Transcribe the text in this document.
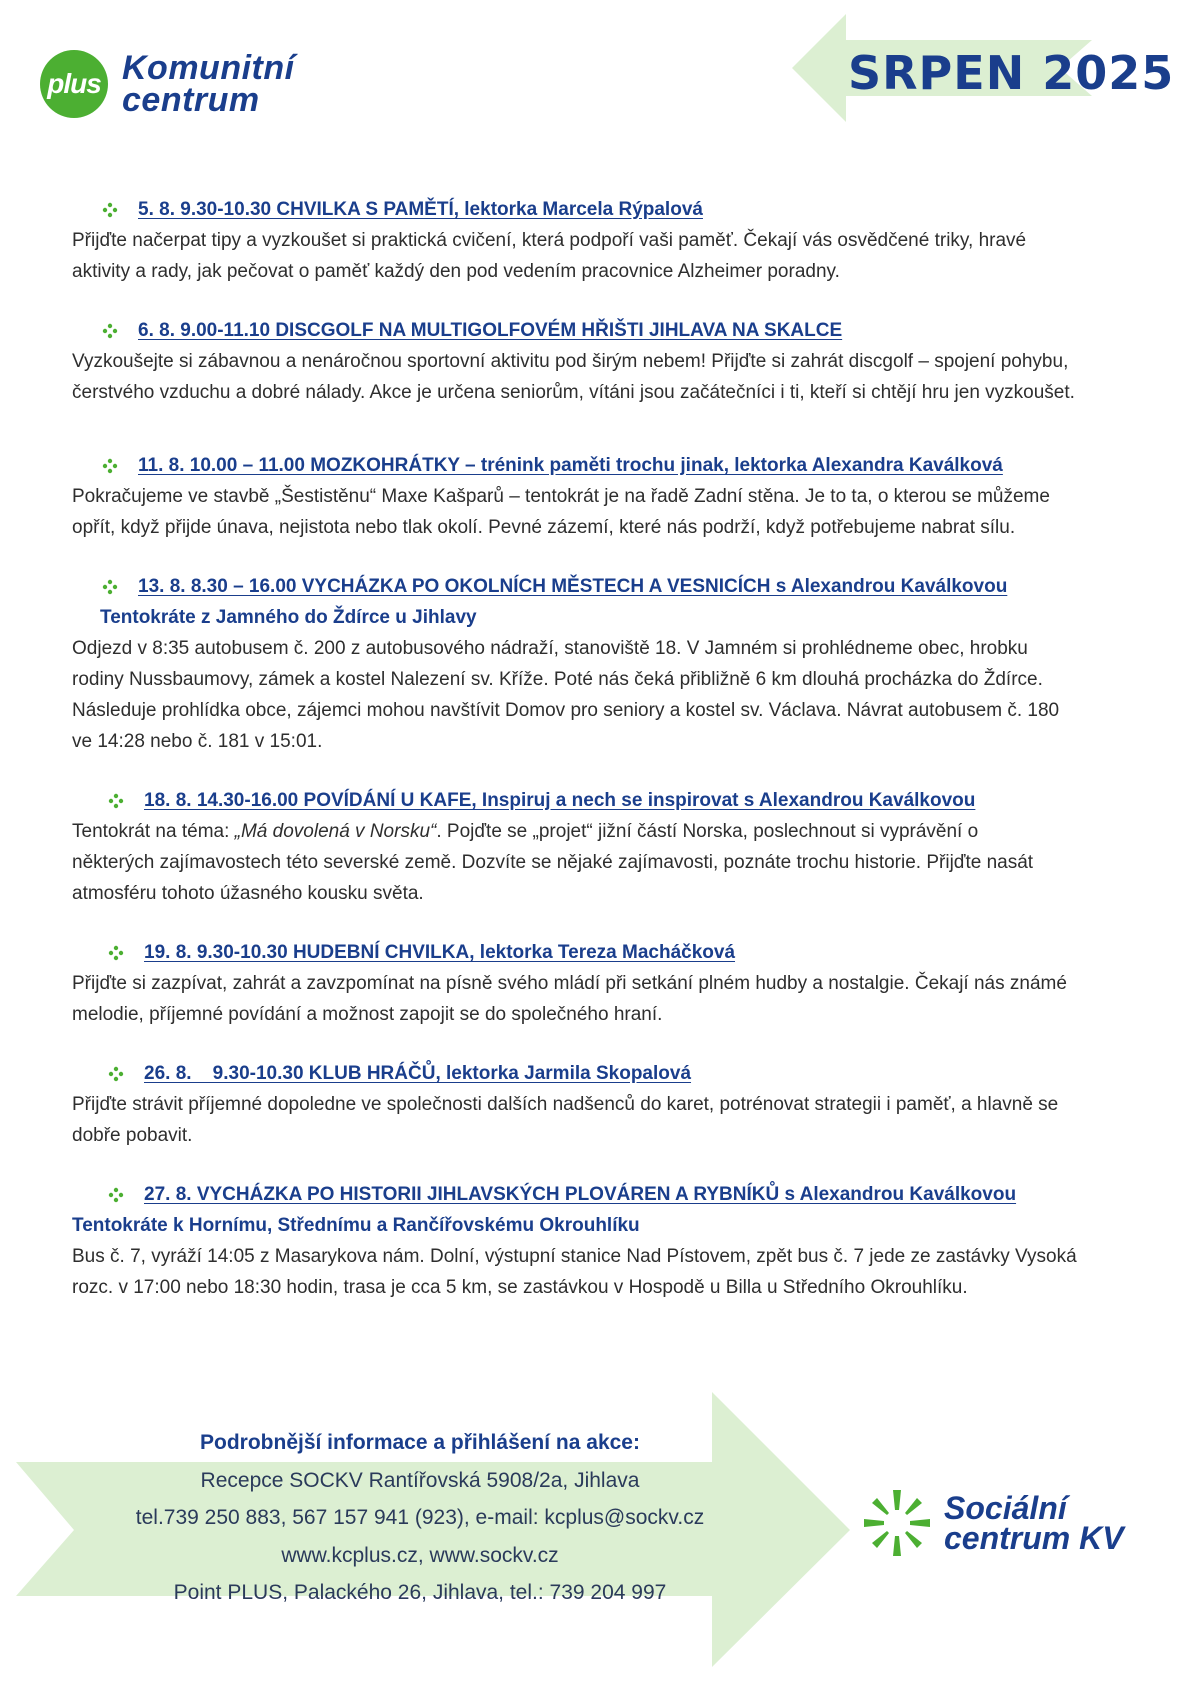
plus Komunitní
centrum	SRPEN 2025
5. 8. 9.30-10.30 CHVILKA S PAMĚTÍ, lektorka Marcela Rýpalová
Přijďte načerpat tipy a vyzkoušet si praktická cvičení, která podpoří vaši paměť. Čekají vás osvědčené triky, hravé
aktivity a rady, jak pečovat o paměť každý den pod vedením pracovnice Alzheimer poradny.
6. 8. 9.00-11.10 DISCGOLF NA MULTIGOLFOVÉM HŘIŠTI JIHLAVA NA SKALCE
Vyzkoušejte si zábavnou a nenáročnou sportovní aktivitu pod širým nebem! Přijďte si zahrát discgolf – spojení pohybu,
čerstvého vzduchu a dobré nálady. Akce je určena seniorům, vítáni jsou začátečníci i ti, kteří si chtějí hru jen vyzkoušet.
11. 8. 10.00 – 11.00 MOZKOHRÁTKY – trénink paměti trochu jinak, lektorka Alexandra Kaválková
Pokračujeme ve stavbě „Šestistěnu“ Maxe Kašparů – tentokrát je na řadě Zadní stěna. Je to ta, o kterou se můžeme
opřít, když přijde únava, nejistota nebo tlak okolí. Pevné zázemí, které nás podrží, když potřebujeme nabrat sílu.
13. 8. 8.30 – 16.00 VYCHÁZKA PO OKOLNÍCH MĚSTECH A VESNICÍCH s Alexandrou Kaválkovou
Tentokráte z Jamného do Ždírce u Jihlavy
Odjezd v 8:35 autobusem č. 200 z autobusového nádraží, stanoviště 18. V Jamném si prohlédneme obec, hrobku
rodiny Nussbaumovy, zámek a kostel Nalezení sv. Kříže. Poté nás čeká přibližně 6 km dlouhá procházka do Ždírce.
Následuje prohlídka obce, zájemci mohou navštívit Domov pro seniory a kostel sv. Václava. Návrat autobusem č. 180
ve 14:28 nebo č. 181 v 15:01.
18. 8. 14.30-16.00 POVÍDÁNÍ U KAFE, Inspiruj a nech se inspirovat s Alexandrou Kaválkovou
Tentokrát na téma: „Má dovolená v Norsku“. Pojďte se „projet“ jižní částí Norska, poslechnout si vyprávění o
některých zajímavostech této severské země. Dozvíte se nějaké zajímavosti, poznáte trochu historie. Přijďte nasát
atmosféru tohoto úžasného kousku světa.
19. 8. 9.30-10.30 HUDEBNÍ CHVILKA, lektorka Tereza Macháčková
Přijďte si zazpívat, zahrát a zavzpomínat na písně svého mládí při setkání plném hudby a nostalgie. Čekají nás známé
melodie, příjemné povídání a možnost zapojit se do společného hraní.
26. 8.    9.30-10.30 KLUB HRÁČŮ, lektorka Jarmila Skopalová
Přijďte strávit příjemné dopoledne ve společnosti dalších nadšenců do karet, potrénovat strategii i paměť, a hlavně se
dobře pobavit.
27. 8. VYCHÁZKA PO HISTORII JIHLAVSKÝCH PLOVÁREN A RYBNÍKŮ s Alexandrou Kaválkovou
Tentokráte k Hornímu, Střednímu a Rančířovskému Okrouhlíku
Bus č. 7, vyráží 14:05 z Masarykova nám. Dolní, výstupní stanice Nad Pístovem, zpět bus č. 7 jede ze zastávky Vysoká
rozc. v 17:00 nebo 18:30 hodin, trasa je cca 5 km, se zastávkou v Hospodě u Billa u Středního Okrouhlíku.
Podrobnější informace a přihlášení na akce:
Recepce SOCKV Rantířovská 5908/2a, Jihlava
tel.739 250 883, 567 157 941 (923), e-mail: kcplus@sockv.cz
www.kcplus.cz, www.sockv.cz
Point PLUS, Palackého 26, Jihlava, tel.: 739 204 997
Sociální
centrum KV
